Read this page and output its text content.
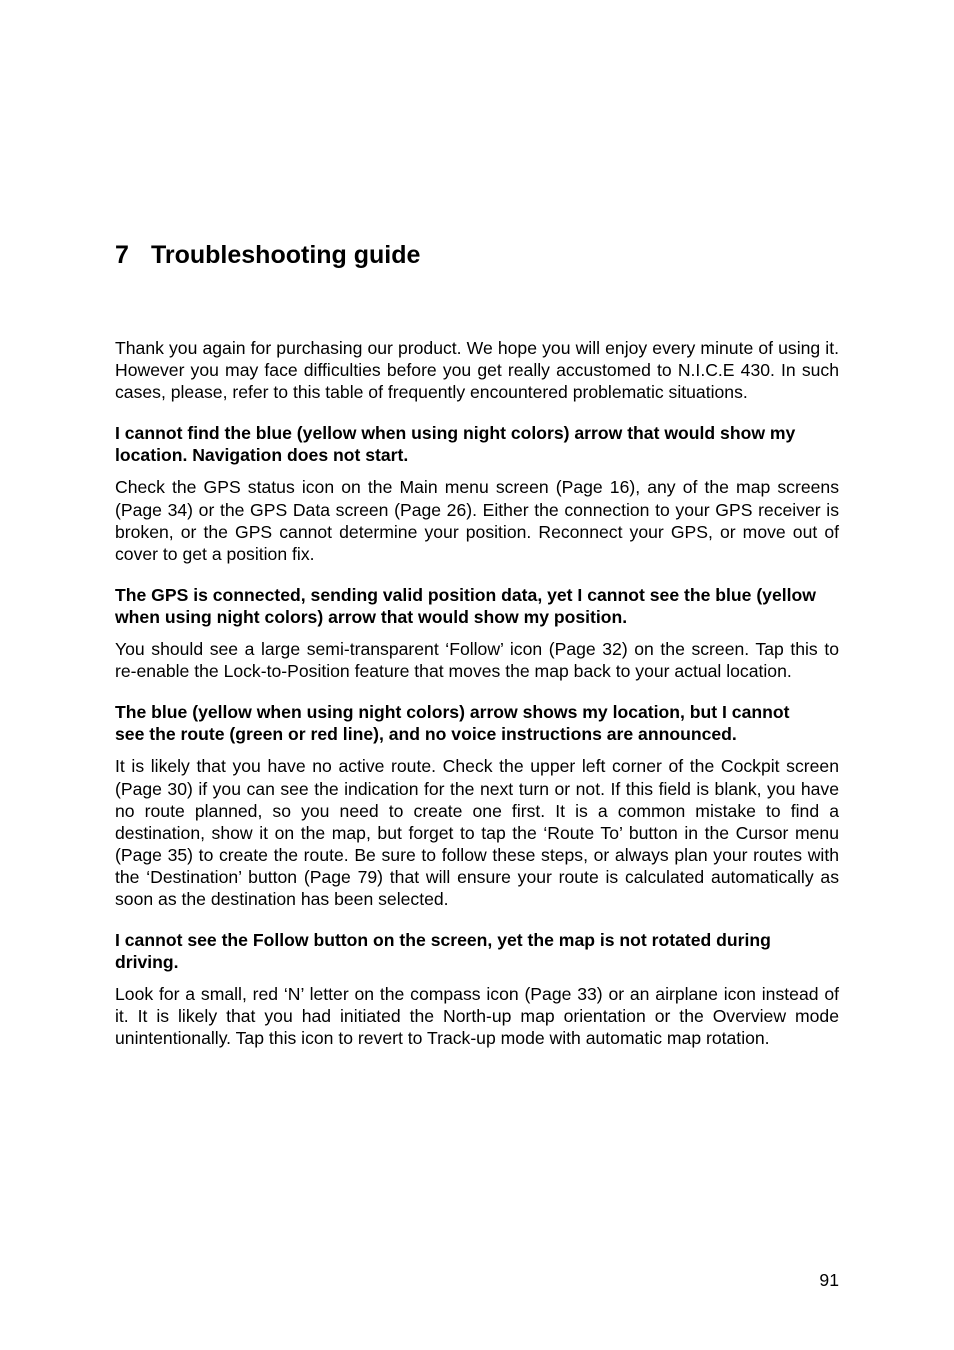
7 Troubleshooting guide

Thank you again for purchasing our product. We hope you will enjoy every minute of using it. However you may face difficulties before you get really accustomed to N.I.C.E 430. In such cases, please, refer to this table of frequently encountered problematic situations.

I cannot find the blue (yellow when using night colors) arrow that would show my location. Navigation does not start.

Check the GPS status icon on the Main menu screen (Page 16), any of the map screens (Page 34) or the GPS Data screen (Page 26). Either the connection to your GPS receiver is broken, or the GPS cannot determine your position. Reconnect your GPS, or move out of cover to get a position fix.

The GPS is connected, sending valid position data, yet I cannot see the blue (yellow when using night colors) arrow that would show my position.

You should see a large semi-transparent ‘Follow’ icon (Page 32) on the screen. Tap this to re-enable the Lock-to-Position feature that moves the map back to your actual location.

The blue (yellow when using night colors) arrow shows my location, but I cannot see the route (green or red line), and no voice instructions are announced.

It is likely that you have no active route. Check the upper left corner of the Cockpit screen (Page 30) if you can see the indication for the next turn or not. If this field is blank, you have no route planned, so you need to create one first. It is a common mistake to find a destination, show it on the map, but forget to tap the ‘Route To’ button in the Cursor menu (Page 35) to create the route. Be sure to follow these steps, or always plan your routes with the ‘Destination’ button (Page 79) that will ensure your route is calculated automatically as soon as the destination has been selected.

I cannot see the Follow button on the screen, yet the map is not rotated during driving.

Look for a small, red ‘N’ letter on the compass icon (Page 33) or an airplane icon instead of it. It is likely that you had initiated the North-up map orientation or the Overview mode unintentionally. Tap this icon to revert to Track-up mode with automatic map rotation.

91
